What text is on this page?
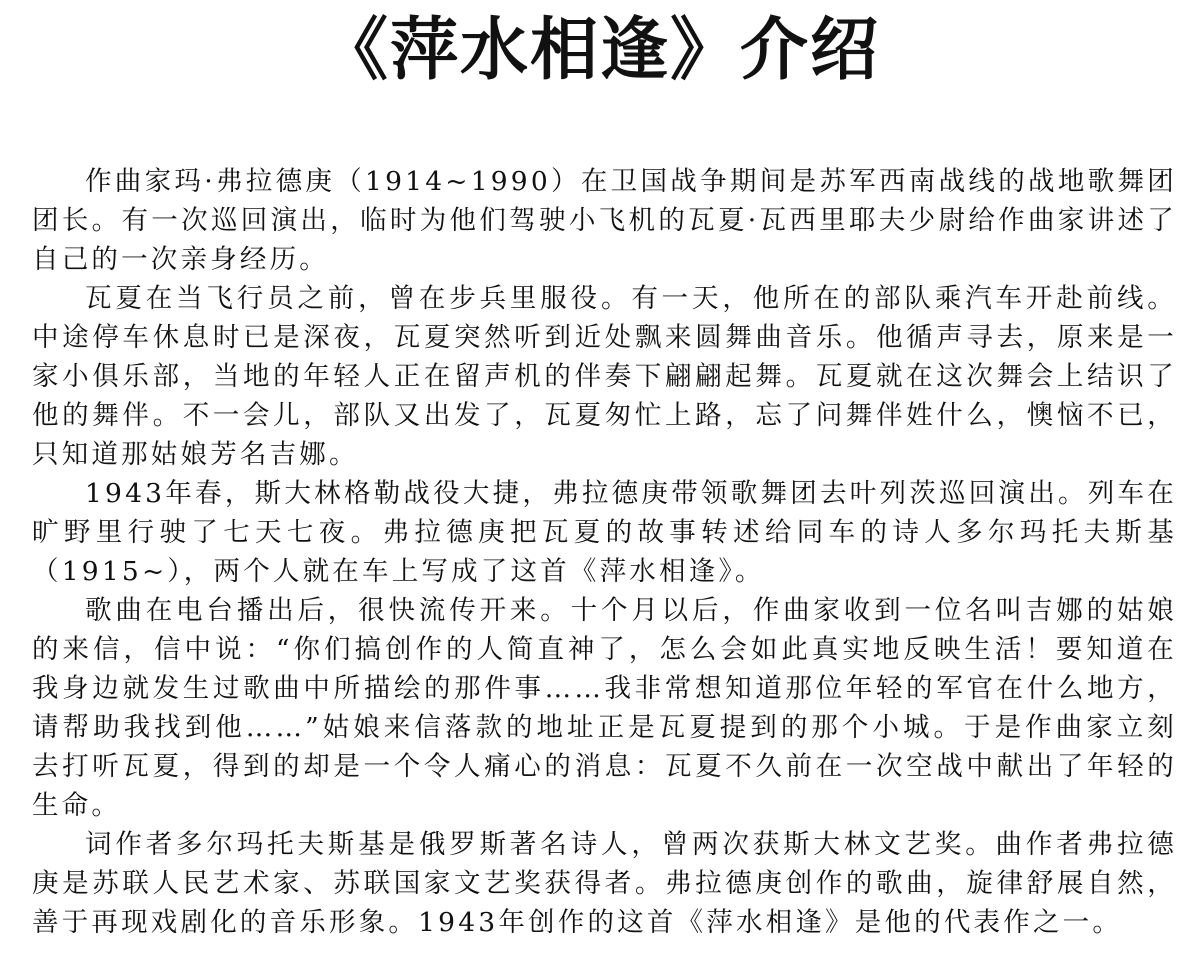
《萍水相逢》介绍

作曲家玛·弗拉德庚（1914~1990）在卫国战争期间是苏军西南战线的战地歌舞团团长。有一次巡回演出，临时为他们驾驶小飞机的瓦夏·瓦西里耶夫少尉给作曲家讲述了自己的一次亲身经历。

瓦夏在当飞行员之前，曾在步兵里服役。有一天，他所在的部队乘汽车开赴前线。中途停车休息时已是深夜，瓦夏突然听到近处飘来圆舞曲音乐。他循声寻去，原来是一家小俱乐部，当地的年轻人正在留声机的伴奏下翩翩起舞。瓦夏就在这次舞会上结识了他的舞伴。不一会儿，部队又出发了，瓦夏匆忙上路，忘了问舞伴姓什么，懊恼不已，只知道那姑娘芳名吉娜。

1943年春，斯大林格勒战役大捷，弗拉德庚带领歌舞团去叶列茨巡回演出。列车在旷野里行驶了七天七夜。弗拉德庚把瓦夏的故事转述给同车的诗人多尔玛托夫斯基（1915~），两个人就在车上写成了这首《萍水相逢》。

歌曲在电台播出后，很快流传开来。十个月以后，作曲家收到一位名叫吉娜的姑娘的来信，信中说：“你们搞创作的人简直神了，怎么会如此真实地反映生活！要知道在我身边就发生过歌曲中所描绘的那件事……我非常想知道那位年轻的军官在什么地方，请帮助我找到他……”姑娘来信落款的地址正是瓦夏提到的那个小城。于是作曲家立刻去打听瓦夏，得到的却是一个令人痛心的消息：瓦夏不久前在一次空战中献出了年轻的生命。

词作者多尔玛托夫斯基是俄罗斯著名诗人，曾两次获斯大林文艺奖。曲作者弗拉德庚是苏联人民艺术家、苏联国家文艺奖获得者。弗拉德庚创作的歌曲，旋律舒展自然，善于再现戏剧化的音乐形象。1943年创作的这首《萍水相逢》是他的代表作之一。
